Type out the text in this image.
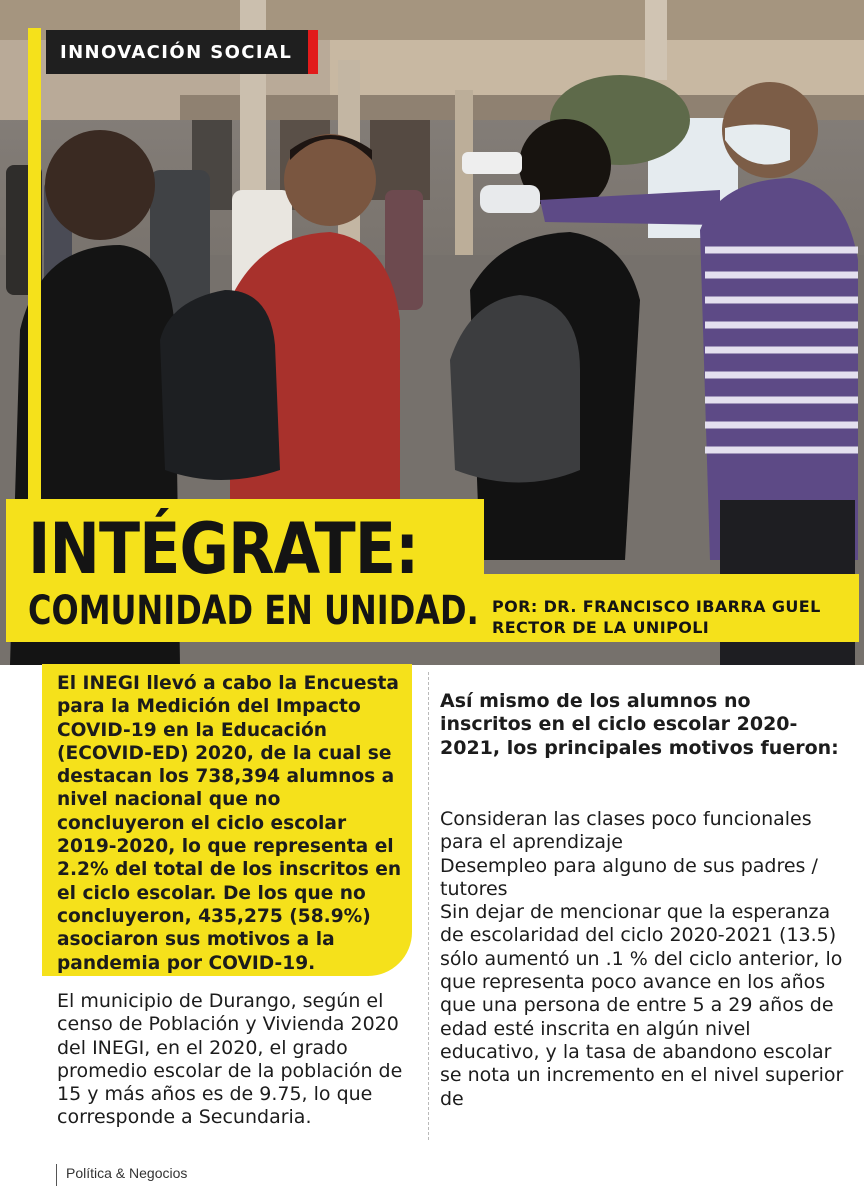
INNOVACIÓN SOCIAL
INTÉGRATE:
COMUNIDAD EN UNIDAD. POR: DR. FRANCISCO IBARRA GUEL
RECTOR DE LA UNIPOLI

El INEGI llevó a cabo la Encuesta para la Medición del Impacto COVID-19 en la Educación (ECOVID-ED) 2020, de la cual se destacan los 738,394 alumnos a nivel nacional que no concluyeron el ciclo escolar 2019-2020, lo que representa el 2.2% del total de los inscritos en el ciclo escolar. De los que no concluyeron, 435,275 (58.9%) asociaron sus motivos a la pandemia por COVID-19.

El municipio de Durango, según el censo de Población y Vivienda 2020 del INEGI, en el 2020, el grado promedio escolar de la población de 15 y más años es de 9.75, lo que corresponde a Secundaria.

Así mismo de los alumnos no inscritos en el ciclo escolar 2020-2021, los principales motivos fueron:

Consideran las clases poco funcionales para el aprendizaje
Desempleo para alguno de sus padres / tutores
Sin dejar de mencionar que la esperanza de escolaridad del ciclo 2020-2021 (13.5) sólo aumentó un .1 % del ciclo anterior, lo que representa poco avance en los años que una persona de entre 5 a 29 años de edad esté inscrita en algún nivel educativo, y la tasa de abandono escolar se nota un incremento en el nivel superior de

Política & Negocios
